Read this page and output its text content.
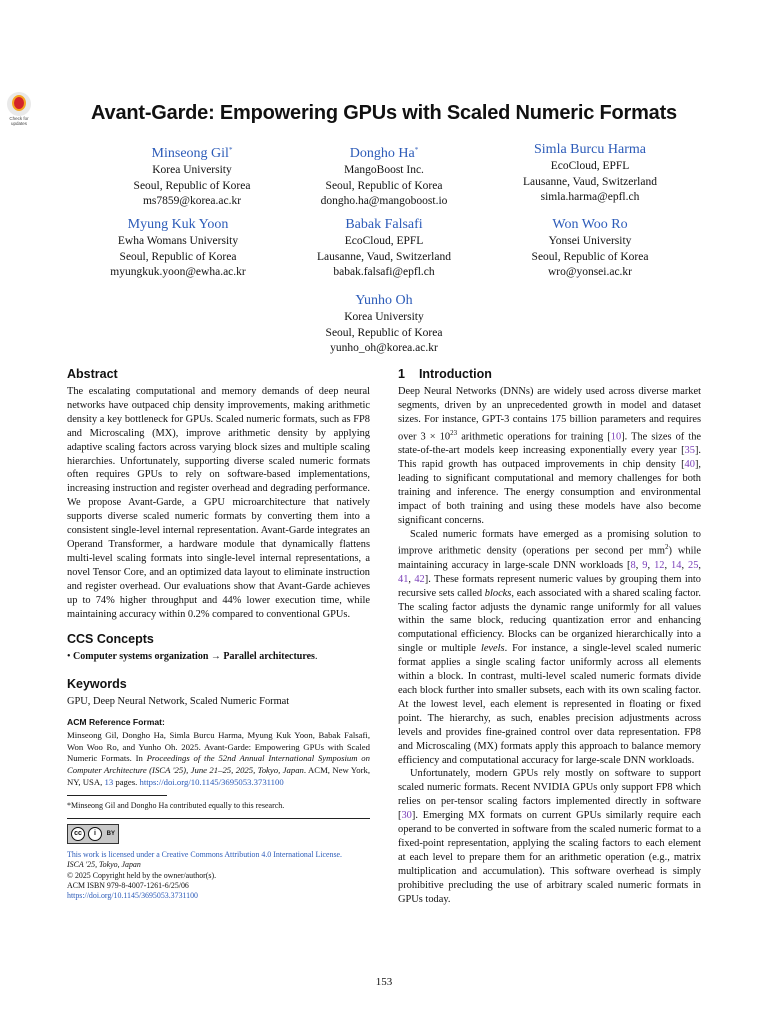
Check for
updates	Avant-Garde: Empowering GPUs with Scaled Numeric Formats
Minseong Gil*
Korea University
Seoul, Republic of Korea
ms7859@korea.ac.kr
Dongho Ha*
MangoBoost Inc.
Seoul, Republic of Korea
dongho.ha@mangoboost.io
Simla Burcu Harma
EcoCloud, EPFL
Lausanne, Vaud, Switzerland
simla.harma@epfl.ch
Myung Kuk Yoon
Ewha Womans University
Seoul, Republic of Korea
myungkuk.yoon@ewha.ac.kr
Babak Falsafi
EcoCloud, EPFL
Lausanne, Vaud, Switzerland
babak.falsafi@epfl.ch
Won Woo Ro
Yonsei University
Seoul, Republic of Korea
wro@yonsei.ac.kr
Yunho Oh
Korea University
Seoul, Republic of Korea
yunho_oh@korea.ac.kr
Abstract

The escalating computational and memory demands of deep neural networks have outpaced chip density improvements, making arithmetic density a key bottleneck for GPUs. Scaled numeric formats, such as FP8 and Microscaling (MX), improve arithmetic density by applying adaptive scaling factors across varying block sizes and multiple scaling hierarchies. Unfortunately, supporting diverse scaled numeric formats often requires GPUs to rely on software-based implementations, increasing instruction and register overhead and degrading performance. We propose Avant-Garde, a GPU microarchitecture that natively supports diverse scaled numeric formats by converting them into a consistent single-level internal representation. Avant-Garde integrates an Operand Transformer, a hardware module that dynamically flattens multi-level scaling formats into single-level internal representations, a novel Tensor Core, and an optimized data layout to eliminate instruction and register overhead. Our evaluations show that Avant-Garde achieves up to 74% higher throughput and 44% lower execution time, while maintaining accuracy within 0.2% compared to conventional GPUs.

CCS Concepts

• Computer systems organization → Parallel architectures.

Keywords

GPU, Deep Neural Network, Scaled Numeric Format

ACM Reference Format:

Minseong Gil, Dongho Ha, Simla Burcu Harma, Myung Kuk Yoon, Babak Falsafi, Won Woo Ro, and Yunho Oh. 2025. Avant-Garde: Empowering GPUs with Scaled Numeric Formats. In Proceedings of the 52nd Annual International Symposium on Computer Architecture (ISCA '25), June 21–25, 2025, Tokyo, Japan. ACM, New York, NY, USA, 13 pages. https://doi.org/10.1145/3695053.3731100

*Minseong Gil and Dongho Ha contributed equally to this research.

cc	i	BY
This work is licensed under a Creative Commons Attribution 4.0 International License.
ISCA '25, Tokyo, Japan
© 2025 Copyright held by the owner/author(s).
ACM ISBN 979-8-4007-1261-6/25/06
https://doi.org/10.1145/3695053.3731100
1 Introduction

Deep Neural Networks (DNNs) are widely used across diverse market segments, driven by an unprecedented growth in model and dataset sizes. For instance, GPT-3 contains 175 billion parameters and requires over $3 \times 10^{23}$ arithmetic operations for training [10]. The sizes of the state-of-the-art models keep increasing exponentially every year [35]. This rapid growth has outpaced improvements in chip density [40], leading to significant computational and memory challenges for both training and inference. The energy consumption and environmental impact of both training and using these models have also become significant concerns.

Scaled numeric formats have emerged as a promising solution to improve arithmetic density (operations per second per $mm^2$) while maintaining accuracy in large-scale DNN workloads [8, 9, 12, 14, 25, 41, 42]. These formats represent numeric values by grouping them into recursive sets called blocks, each associated with a shared scaling factor. The scaling factor adjusts the dynamic range uniformly for all values within the same block, reducing quantization error and enhancing computational efficiency. Blocks can be organized hierarchically into a single or multiple levels. For instance, a single-level scaled numeric format applies a single scaling factor uniformly across all elements within a block. In contrast, multi-level scaled numeric formats divide each block further into smaller subsets, each with its own scaling factor. At the lowest level, each element is represented in floating or fixed point. The hierarchy, as such, enables precision adjustments across levels and provides fine-grained control over data representation. FP8 and Microscaling (MX) formats apply this approach to balance memory efficiency and computational accuracy for large-scale DNN workloads.

Unfortunately, modern GPUs rely mostly on software to support scaled numeric formats. Recent NVIDIA GPUs only support FP8 which relies on per-tensor scaling factors implemented directly in software [30]. Emerging MX formats on current GPUs similarly require each operand to be converted in software from the scaled numeric format to a fixed-point representation, applying the scaling factors to each element at each level to prepare them for an arithmetic operation (e.g., matrix multiplication and accumulation). This software overhead is simply prohibitive precluding the use of arbitrary scaled numeric formats in GPUs today.

153
